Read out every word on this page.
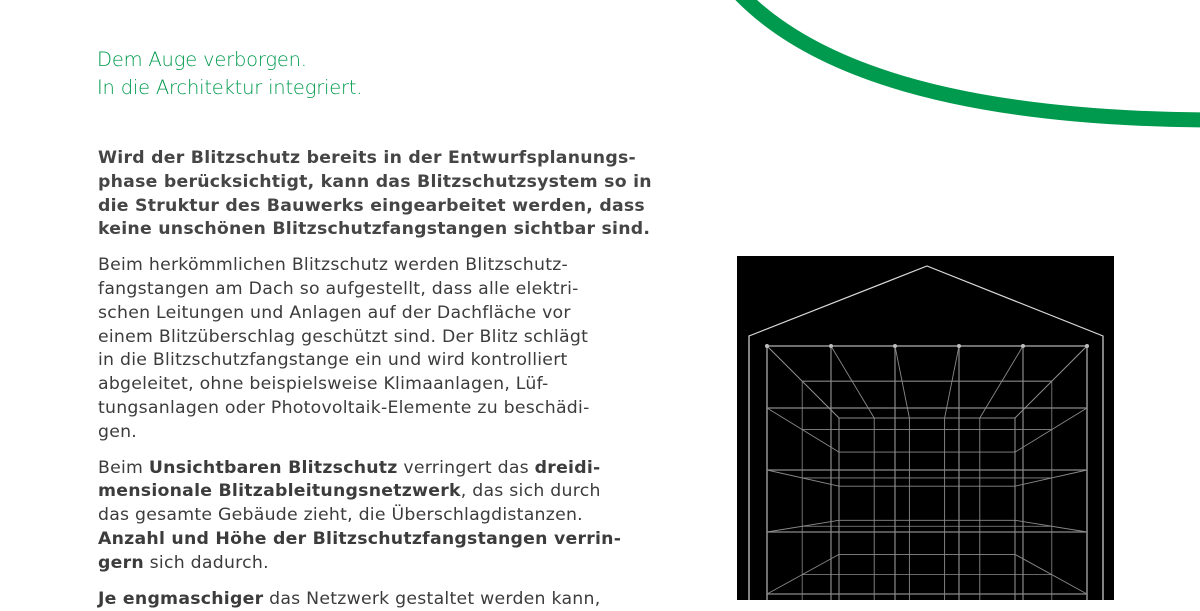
Dem Auge verborgen.
In die Architektur integriert.

Wird der Blitzschutz bereits in der Entwurfsplanungs-
phase berücksichtigt, kann das Blitzschutzsystem so in
die Struktur des Bauwerks eingearbeitet werden, dass
keine unschönen Blitzschutzfangstangen sichtbar sind.

Beim herkömmlichen Blitzschutz werden Blitzschutz-
fangstangen am Dach so aufgestellt, dass alle elektri-
schen Leitungen und Anlagen auf der Dachfläche vor
einem Blitzüberschlag geschützt sind. Der Blitz schlägt
in die Blitzschutzfangstange ein und wird kontrolliert
abgeleitet, ohne beispielsweise Klimaanlagen, Lüf-
tungsanlagen oder Photovoltaik-Elemente zu beschädi-
gen.

Beim Unsichtbaren Blitzschutz verringert das dreidi-
mensionale Blitzableitungsnetzwerk, das sich durch
das gesamte Gebäude zieht, die Überschlagdistanzen.
Anzahl und Höhe der Blitzschutzfangstangen verrin-
gern sich dadurch.

Je engmaschiger das Netzwerk gestaltet werden kann,
